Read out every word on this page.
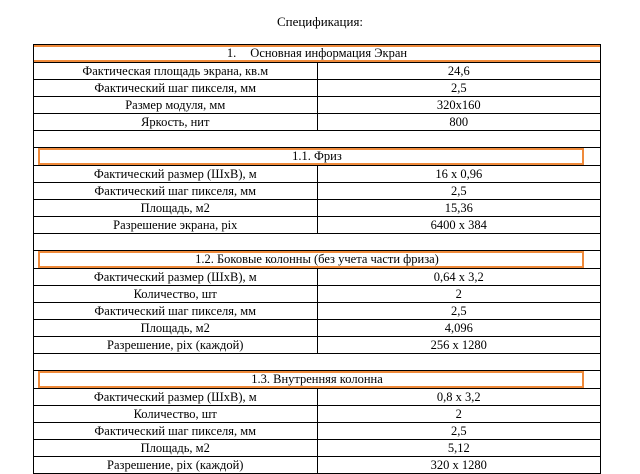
Спецификация:
1. Основная информация Экран	
Фактическая площадь экрана, кв.м	24,6
Фактический шаг пикселя, мм	2,5
Размер модуля, мм	320x160
Яркость, нит	800

1.1. Фриз	
Фактический размер (ШхВ), м	16 x 0,96
Фактический шаг пикселя, мм	2,5
Площадь, м2	15,36
Разрешение экрана, pix	6400 x 384

1.2. Боковые колонны (без учета части фриза)	
Фактический размер (ШхВ), м	0,64 x 3,2
Количество, шт	2
Фактический шаг пикселя, мм	2,5
Площадь, м2	4,096
Разрешение, pix (каждой)	256 x 1280

1.3. Внутренняя колонна	
Фактический размер (ШхВ), м	0,8 x 3,2
Количество, шт	2
Фактический шаг пикселя, мм	2,5
Площадь, м2	5,12
Разрешение, pix (каждой)	320 x 1280
